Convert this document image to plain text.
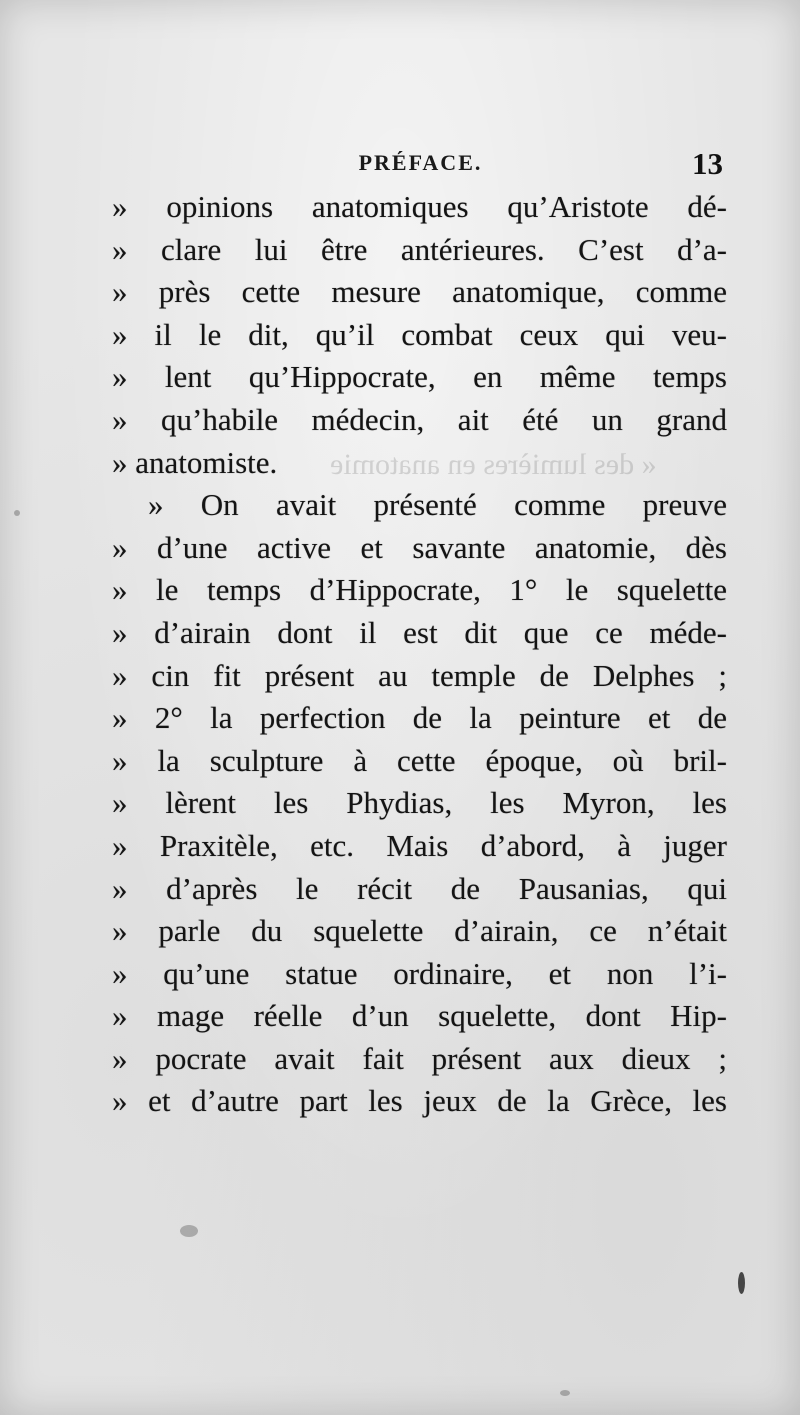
« des lumières en anatomie
PRÉFACE.	13
» opinions anatomiques qu’Aristote dé-
» clare lui être antérieures. C’est d’a-
» près cette mesure anatomique, comme
» il le dit, qu’il combat ceux qui veu-
» lent qu’Hippocrate, en même temps
» qu’habile médecin, ait été un grand
» anatomiste.
» On avait présenté comme preuve
» d’une active et savante anatomie, dès
» le temps d’Hippocrate, 1° le squelette
» d’airain dont il est dit que ce méde-
» cin fit présent au temple de Delphes ;
» 2° la perfection de la peinture et de
» la sculpture à cette époque, où bril-
» lèrent les Phydias, les Myron, les
» Praxitèle, etc. Mais d’abord, à juger
» d’après le récit de Pausanias, qui
» parle du squelette d’airain, ce n’était
» qu’une statue ordinaire, et non l’i-
» mage réelle d’un squelette, dont Hip-
» pocrate avait fait présent aux dieux ;
» et d’autre part les jeux de la Grèce, les
